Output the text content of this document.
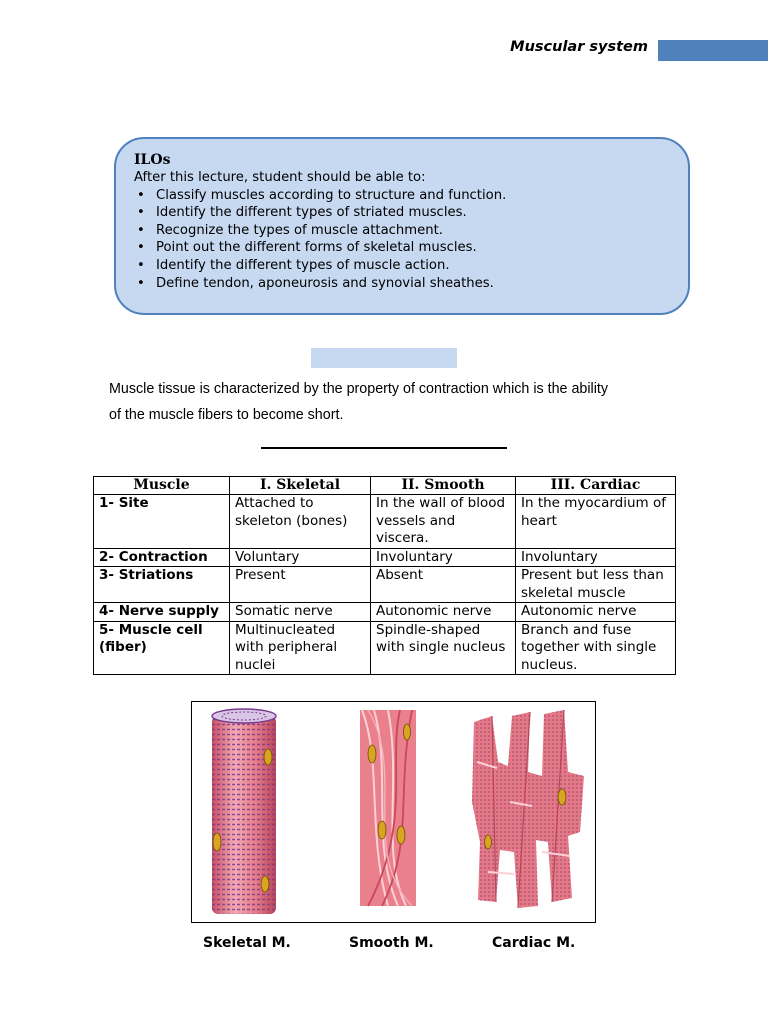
Muscular system
ILOs
After this lecture, student should be able to:
• Classify muscles according to structure and function.
• Identify the different types of striated muscles.
• Recognize the types of muscle attachment.
• Point out the different forms of skeletal muscles.
• Identify the different types of muscle action.
• Define tendon, aponeurosis and synovial sheathes.
Muscle tissue is characterized by the property of contraction which is the ability
of the muscle fibers to become short.
Muscle	I. Skeletal	II. Smooth	III. Cardiac
1- Site	Attached to skeleton (bones)	In the wall of blood vessels and viscera.	In the myocardium of heart
2- Contraction	Voluntary	Involuntary	Involuntary
3- Striations	Present	Absent	Present but less than skeletal muscle
4- Nerve supply	Somatic nerve	Autonomic nerve	Autonomic nerve
5- Muscle cell (fiber)	Multinucleated with peripheral nuclei	Spindle-shaped with single nucleus	Branch and fuse together with single nucleus.
Skeletal M.	Smooth M.	Cardiac M.
